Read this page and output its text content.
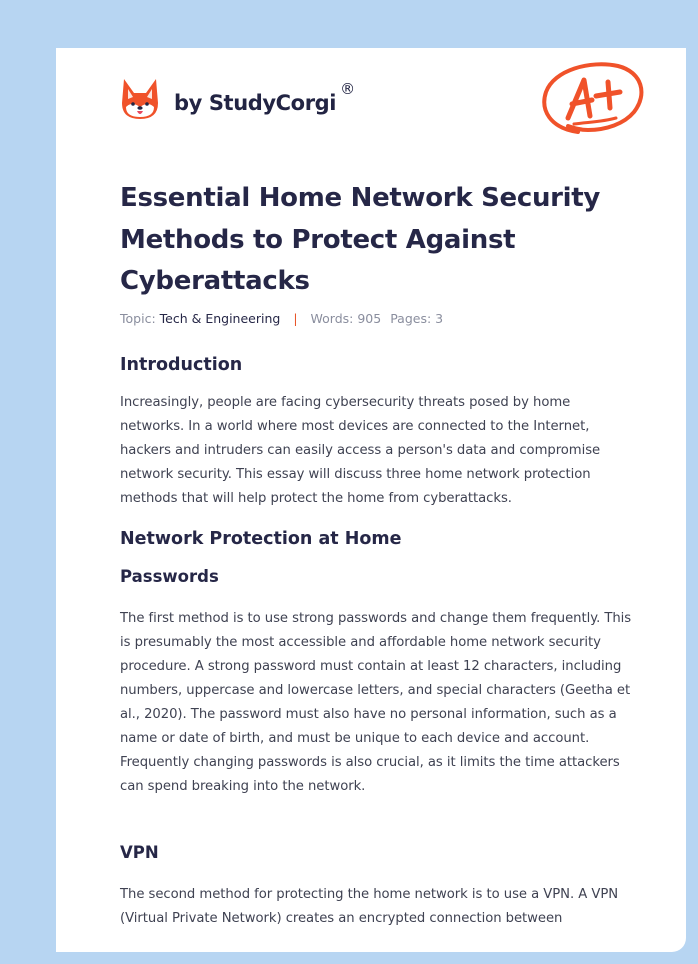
by StudyCorgi
®
Essential Home Network Security Methods to Protect Against Cyberattacks
Topic: Tech & Engineering | Words: 905 Pages: 3
Introduction

Increasingly, people are facing cybersecurity threats posed by home networks. In a world where most devices are connected to the Internet, hackers and intruders can easily access a person's data and compromise network security. This essay will discuss three home network protection methods that will help protect the home from cyberattacks.

Network Protection at Home
Passwords

The first method is to use strong passwords and change them frequently. This is presumably the most accessible and affordable home network security procedure. A strong password must contain at least 12 characters, including numbers, uppercase and lowercase letters, and special characters (Geetha et al., 2020). The password must also have no personal information, such as a name or date of birth, and must be unique to each device and account. Frequently changing passwords is also crucial, as it limits the time attackers can spend breaking into the network.

VPN

The second method for protecting the home network is to use a VPN. A VPN (Virtual Private Network) creates an encrypted connection between
